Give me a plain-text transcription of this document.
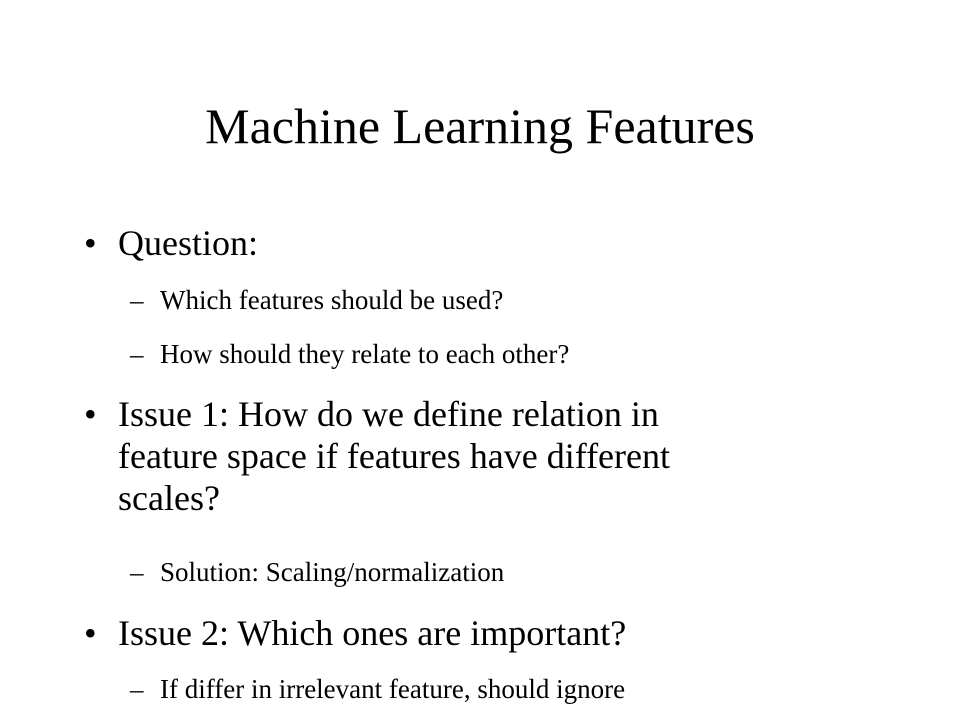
Machine Learning Features
• Question:
– Which features should be used?
– How should they relate to each other?
• Issue 1: How do we define relation in
feature space if features have different
scales?
– Solution: Scaling/normalization
• Issue 2: Which ones are important?
– If differ in irrelevant feature, should ignore
